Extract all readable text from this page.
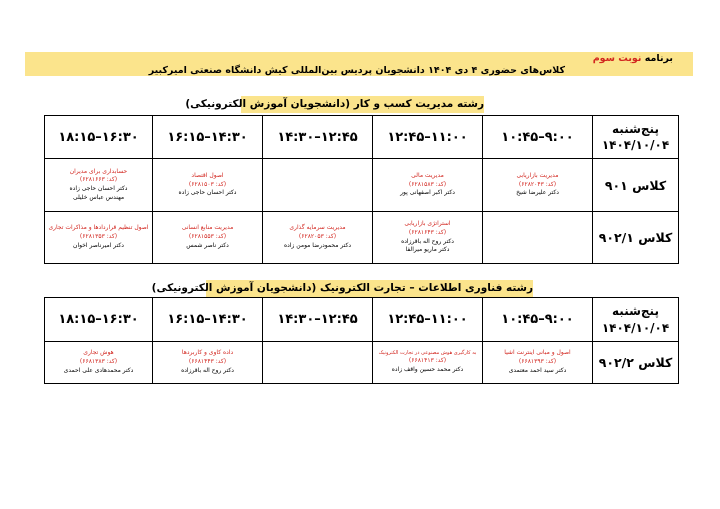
برنامه نوبت سوم
کلاس‌های حضوری ۴ دی ۱۴۰۴ دانشجویان پردیس بین‌المللی کیش دانشگاه صنعتی امیرکبیر
رشته مدیریت کسب و کار (دانشجویان آموزش الکترونیکی)
پنج‌شنبه
۱۴۰۴/۱۰/۰۴	۹:۰۰–۱۰:۴۵	۱۱:۰۰–۱۲:۴۵	۱۲:۴۵–۱۴:۳۰	۱۴:۳۰–۱۶:۱۵	۱۶:۳۰–۱۸:۱۵
کلاس ۹۰۱	مدیریت بازاریابی
(کد: ۶۲۸۲۰۴۳)
دکتر علیرضا شیخ	مدیریت مالی
(کد: ۶۲۸۱۵۸۳)
دکتر اکبر اصفهانی پور		اصول اقتصاد
(کد: ۶۲۸۱۵۰۳)
دکتر احسان حاجی زاده	حسابداری برای مدیران
(کد: ۶۲۸۱۶۶۳)
دکتر احسان حاجی زاده
مهندس عباس خلیلی

کلاس ۹۰۲/۱		استراتژی بازاریابی
(کد: ۶۲۸۱۶۴۳)
دکتر روح اله باقرزاده
دکتر ماریو میرالفا	مدیریت سرمایه گذاری
(کد: ۶۲۸۲۰۵۳)
دکتر محمودرضا مومن زاده	مدیریت منابع انسانی
(کد: ۶۲۸۱۵۵۳)
دکتر ناصر شمس	اصول تنظیم قراردادها و مذاکرات تجاری
(کد: ۶۲۸۱۳۵۳)
دکتر امیرناصر اخوان
رشته فناوری اطلاعات – تجارت الکترونیک (دانشجویان آموزش الکترونیکی)
پنج‌شنبه
۱۴۰۴/۱۰/۰۴	۹:۰۰–۱۰:۴۵	۱۱:۰۰–۱۲:۴۵	۱۲:۴۵–۱۴:۳۰	۱۴:۳۰–۱۶:۱۵	۱۶:۳۰–۱۸:۱۵
کلاس ۹۰۲/۲	اصول و مبانی اینترنت اشیا
(کد: ۶۶۸۱۳۹۳)
دکتر سید احمد معتمدی	به کارگیری هوش مصنوعی در تجارت الکترونیک
(کد: ۶۶۸۱۴۱۳)
دکتر محمد حسین واقف زاده		داده کاوی و کاربردها
(کد: ۶۶۸۱۴۴۳)
دکتر روح اله باقرزاده	هوش تجاری
(کد: ۶۶۸۱۳۸۳)
دکتر محمدهادی علی احمدی
